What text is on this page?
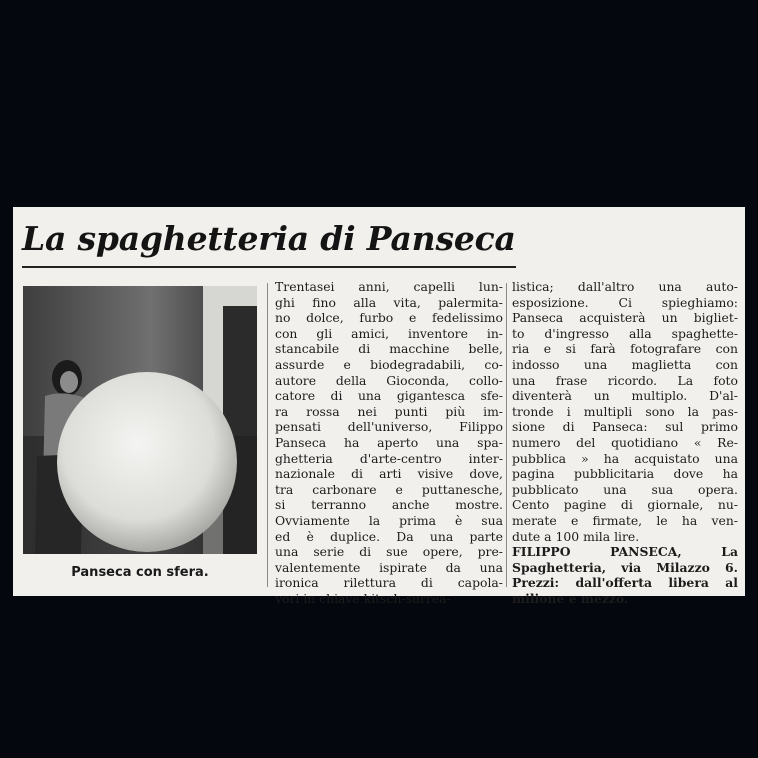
La spaghetteria di Panseca
Panseca con sfera.
Trentasei anni, capelli lun-
ghi fino alla vita, palermita-
no dolce, furbo e fedelissimo
con gli amici, inventore in-
stancabile di macchine belle,
assurde e biodegradabili, co-
autore della Gioconda, collo-
catore di una gigantesca sfe-
ra rossa nei punti più im-
pensati dell'universo, Filippo
Panseca ha aperto una spa-
ghetteria d'arte-centro inter-
nazionale di arti visive dove,
tra carbonare e puttanesche,
si terranno anche mostre.
Ovviamente la prima è sua
ed è duplice. Da una parte
una serie di sue opere, pre-
valentemente ispirate da una
ironica rilettura di capola-
vori in chiave kitsch-surrea-
listica; dall'altro una auto-
esposizione. Ci spieghiamo:
Panseca acquisterà un bigliet-
to d'ingresso alla spaghette-
ria e si farà fotografare con
indosso una maglietta con
una frase ricordo. La foto
diventerà un multiplo. D'al-
tronde i multipli sono la pas-
sione di Panseca: sul primo
numero del quotidiano « Re-
pubblica » ha acquistato una
pagina pubblicitaria dove ha
pubblicato una sua opera.
Cento pagine di giornale, nu-
merate e firmate, le ha ven-
dute a 100 mila lire.
FILIPPO PANSECA, La
Spaghetteria, via Milazzo 6.
Prezzi: dall'offerta libera al
milione e mezzo.
